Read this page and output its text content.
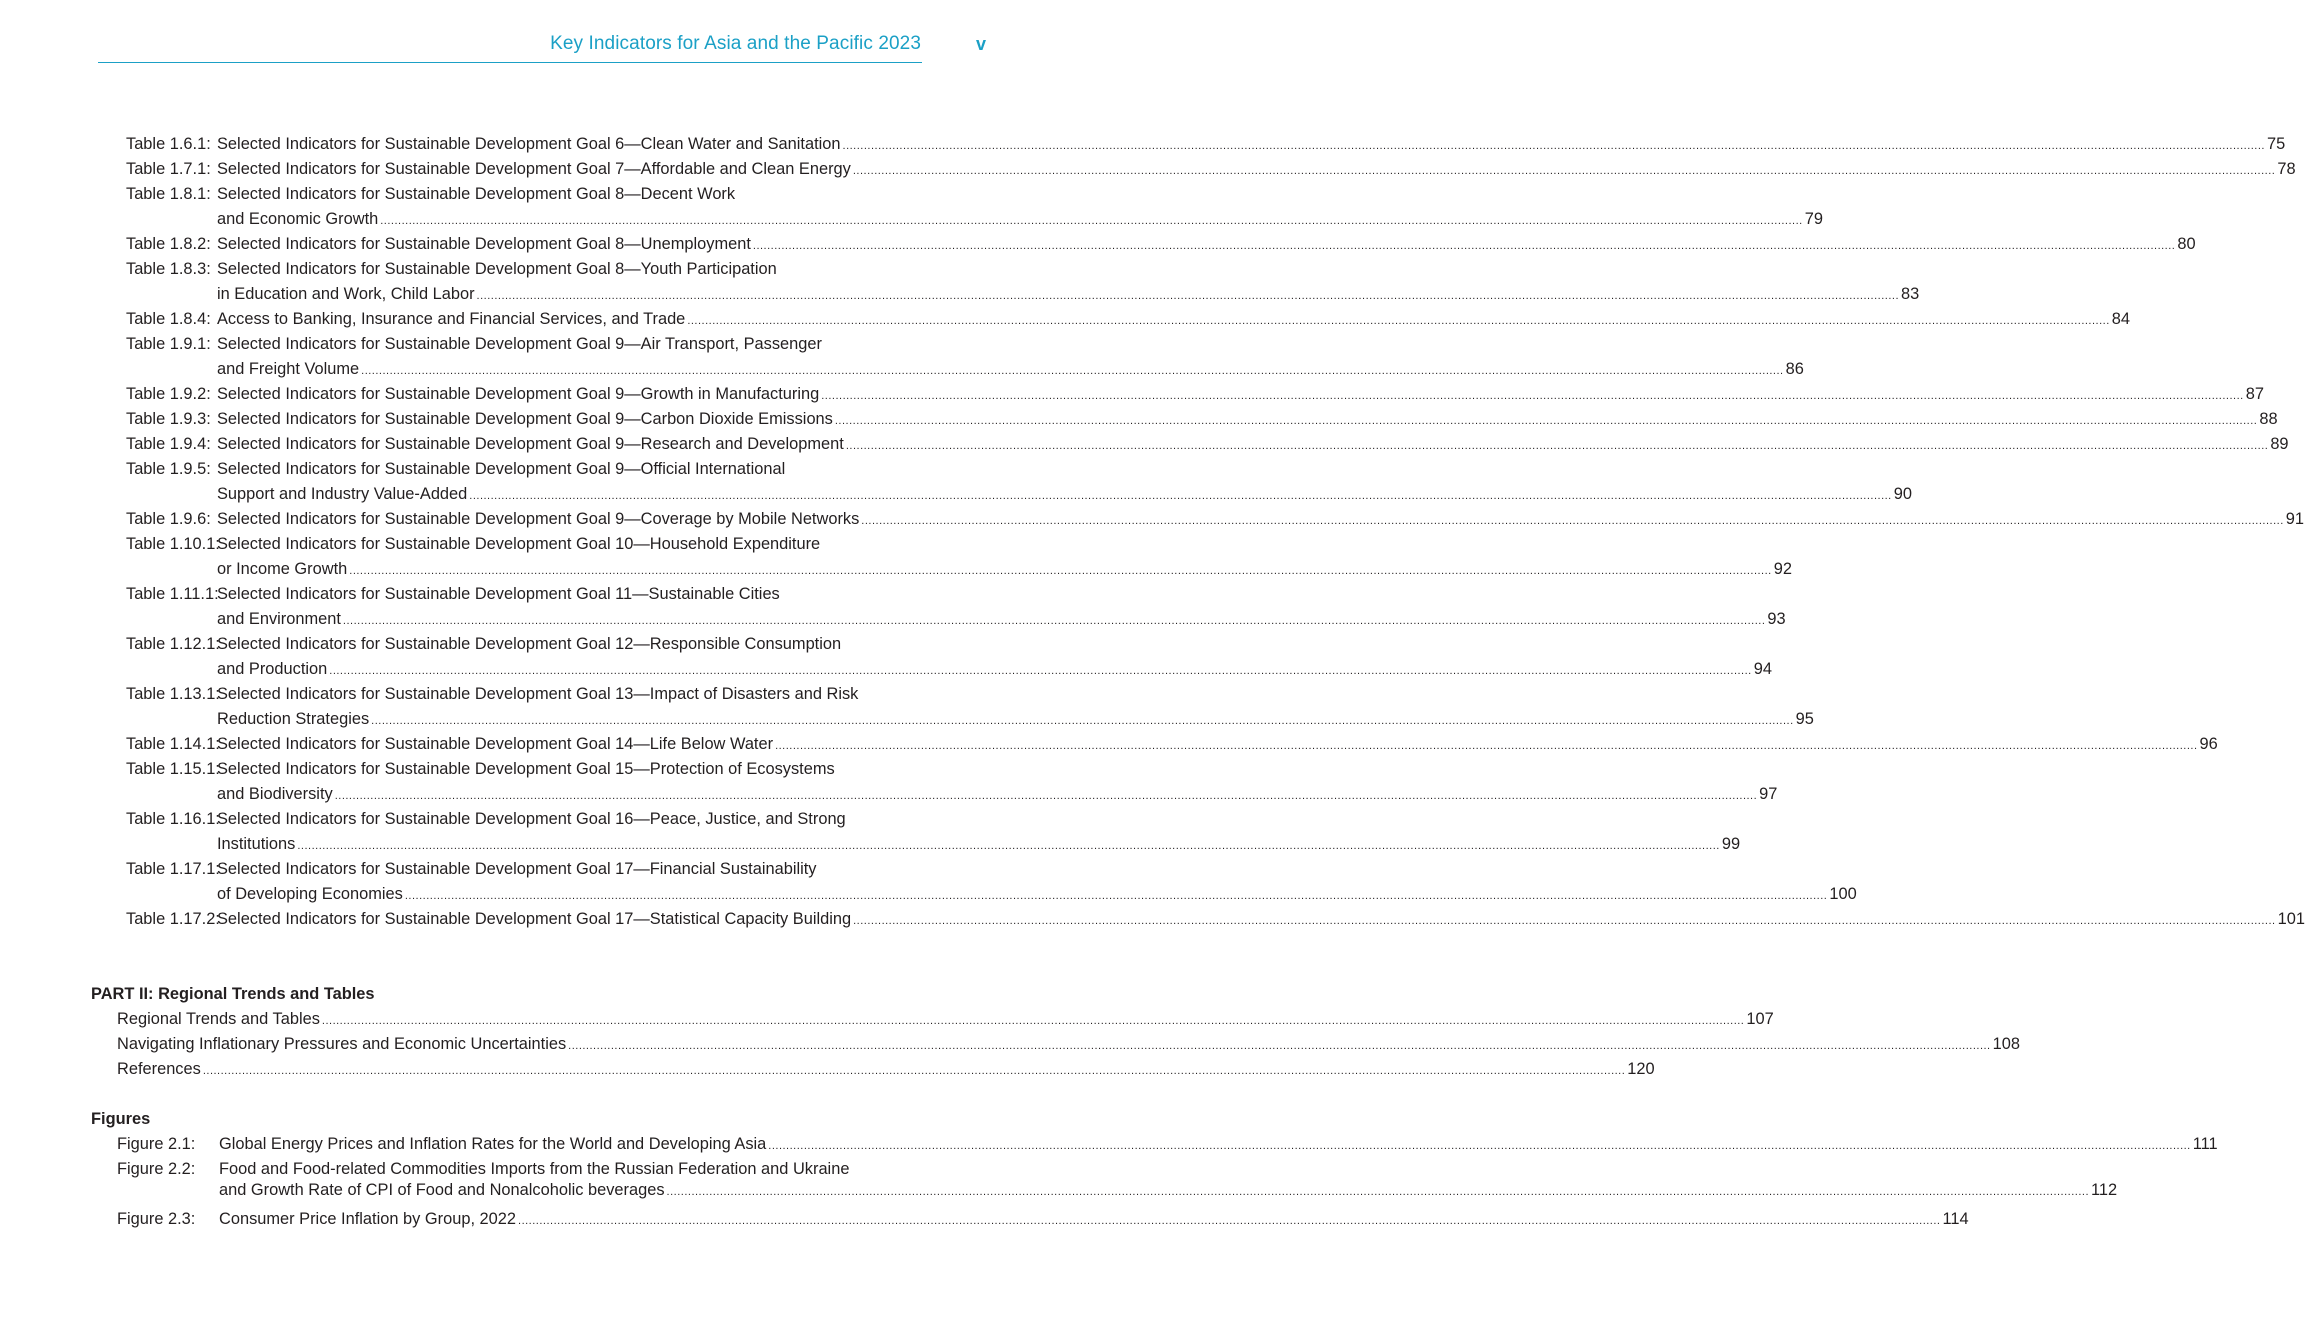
Key Indicators for Asia and the Pacific 2023	v
Table 1.6.1: Selected Indicators for Sustainable Development Goal 6—Clean Water and Sanitation ................................................................................................................................................................................................................................................................................................................................................................................................................ 75
Table 1.7.1: Selected Indicators for Sustainable Development Goal 7—Affordable and Clean Energy ................................................................................................................................................................................................................................................................................................................................................................................................................ 78
Table 1.8.1: Selected Indicators for Sustainable Development Goal 8—Decent Work
and Economic Growth ................................................................................................................................................................................................................................................................................................................................................................................................................ 79
Table 1.8.2: Selected Indicators for Sustainable Development Goal 8—Unemployment ................................................................................................................................................................................................................................................................................................................................................................................................................ 80
Table 1.8.3: Selected Indicators for Sustainable Development Goal 8—Youth Participation
in Education and Work, Child Labor ................................................................................................................................................................................................................................................................................................................................................................................................................ 83
Table 1.8.4: Access to Banking, Insurance and Financial Services, and Trade ................................................................................................................................................................................................................................................................................................................................................................................................................ 84
Table 1.9.1: Selected Indicators for Sustainable Development Goal 9—Air Transport, Passenger
and Freight Volume ................................................................................................................................................................................................................................................................................................................................................................................................................ 86
Table 1.9.2: Selected Indicators for Sustainable Development Goal 9—Growth in Manufacturing ................................................................................................................................................................................................................................................................................................................................................................................................................ 87
Table 1.9.3: Selected Indicators for Sustainable Development Goal 9—Carbon Dioxide Emissions ................................................................................................................................................................................................................................................................................................................................................................................................................ 88
Table 1.9.4: Selected Indicators for Sustainable Development Goal 9—Research and Development ................................................................................................................................................................................................................................................................................................................................................................................................................ 89
Table 1.9.5: Selected Indicators for Sustainable Development Goal 9—Official International
Support and Industry Value-Added ................................................................................................................................................................................................................................................................................................................................................................................................................ 90
Table 1.9.6: Selected Indicators for Sustainable Development Goal 9—Coverage by Mobile Networks ................................................................................................................................................................................................................................................................................................................................................................................................................ 91
Table 1.10.1:
Selected Indicators for Sustainable Development Goal 10—Household Expenditure
or Income Growth ................................................................................................................................................................................................................................................................................................................................................................................................................ 92
Table 1.11.1:
Selected Indicators for Sustainable Development Goal 11—Sustainable Cities
and Environment ................................................................................................................................................................................................................................................................................................................................................................................................................ 93
Table 1.12.1:
Selected Indicators for Sustainable Development Goal 12—Responsible Consumption
and Production ................................................................................................................................................................................................................................................................................................................................................................................................................ 94
Table 1.13.1:
Selected Indicators for Sustainable Development Goal 13—Impact of Disasters and Risk
Reduction Strategies ................................................................................................................................................................................................................................................................................................................................................................................................................ 95
Table 1.14.1:
Selected Indicators for Sustainable Development Goal 14—Life Below Water ................................................................................................................................................................................................................................................................................................................................................................................................................ 96
Table 1.15.1:
Selected Indicators for Sustainable Development Goal 15—Protection of Ecosystems
and Biodiversity ................................................................................................................................................................................................................................................................................................................................................................................................................ 97
Table 1.16.1:
Selected Indicators for Sustainable Development Goal 16—Peace, Justice, and Strong
Institutions ................................................................................................................................................................................................................................................................................................................................................................................................................ 99
Table 1.17.1:
Selected Indicators for Sustainable Development Goal 17—Financial Sustainability
of Developing Economies ................................................................................................................................................................................................................................................................................................................................................................................................................ 100
Table 1.17.2:
Selected Indicators for Sustainable Development Goal 17—Statistical Capacity Building ................................................................................................................................................................................................................................................................................................................................................................................................................ 101
PART II: Regional Trends and Tables
Regional Trends and Tables ................................................................................................................................................................................................................................................................................................................................................................................................................ 107
Navigating Inflationary Pressures and Economic Uncertainties ................................................................................................................................................................................................................................................................................................................................................................................................................ 108
References ................................................................................................................................................................................................................................................................................................................................................................................................................ 120
Figures
Figure 2.1: Global Energy Prices and Inflation Rates for the World and Developing Asia ................................................................................................................................................................................................................................................................................................................................................................................................................ 111
Figure 2.2: Food and Food-related Commodities Imports from the Russian Federation and Ukraine
and Growth Rate of CPI of Food and Nonalcoholic beverages ................................................................................................................................................................................................................................................................................................................................................................................................................ 112
Figure 2.3: Consumer Price Inflation by Group, 2022 ................................................................................................................................................................................................................................................................................................................................................................................................................ 114
